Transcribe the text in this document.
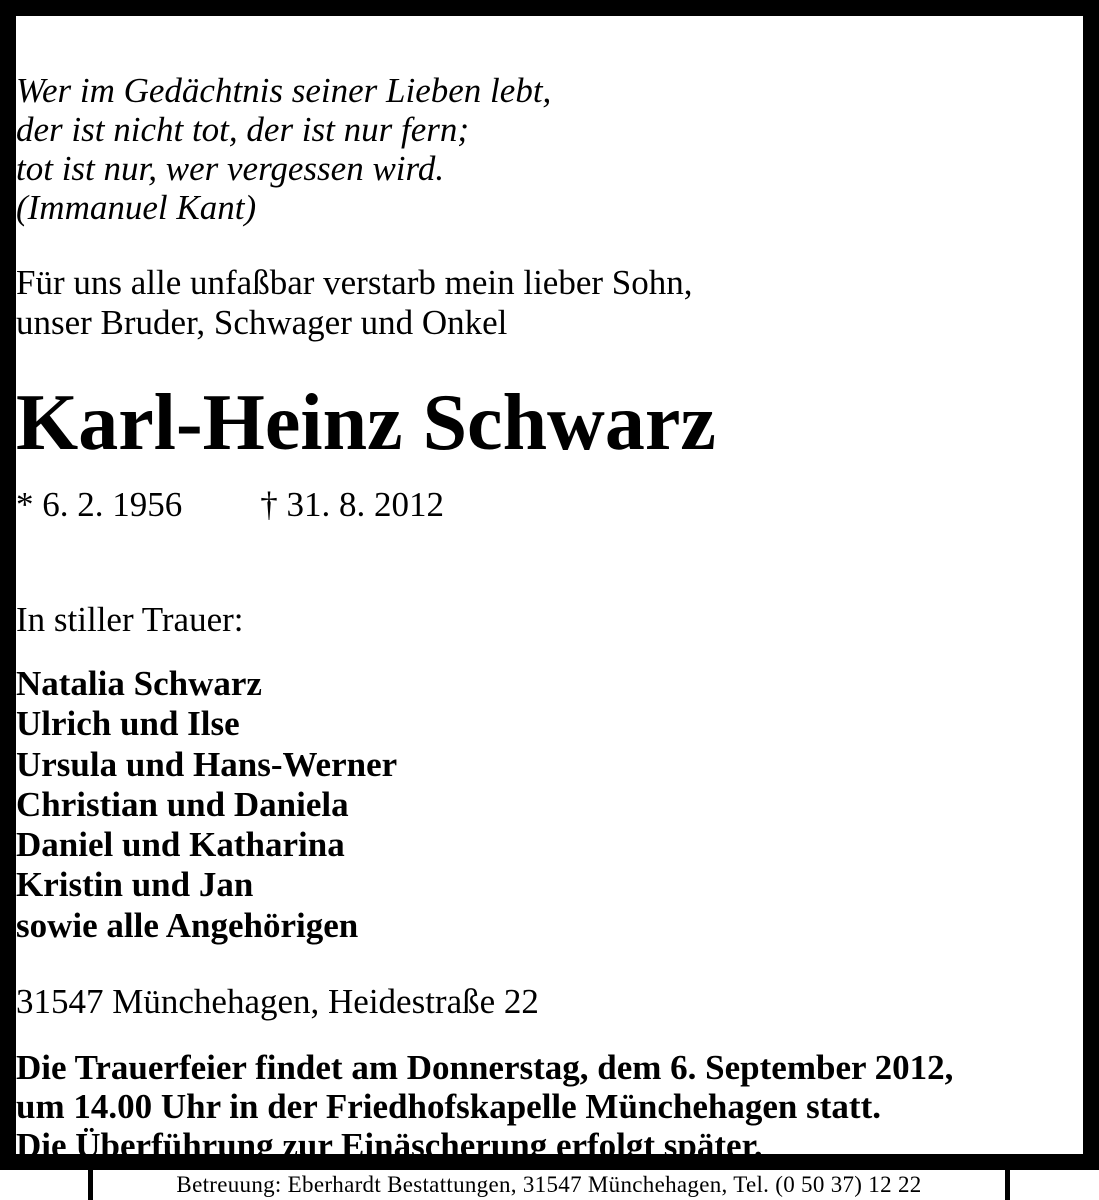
Wer im Gedächtnis seiner Lieben lebt,
der ist nicht tot, der ist nur fern;
tot ist nur, wer vergessen wird.
(Immanuel Kant)
Für uns alle unfaßbar verstarb mein lieber Sohn,
unser Bruder, Schwager und Onkel
Karl-Heinz Schwarz
* 6. 2. 1956 † 31. 8. 2012
In stiller Trauer:
Natalia Schwarz
Ulrich und Ilse
Ursula und Hans-Werner
Christian und Daniela
Daniel und Katharina
Kristin und Jan
sowie alle Angehörigen
31547 Münchehagen, Heidestraße 22
Die Trauerfeier findet am Donnerstag, dem 6. September 2012,
um 14.00 Uhr in der Friedhofskapelle Münchehagen statt.
Die Überführung zur Einäscherung erfolgt später.
Betreuung: Eberhardt Bestattungen, 31547 Münchehagen, Tel. (0 50 37) 12 22
